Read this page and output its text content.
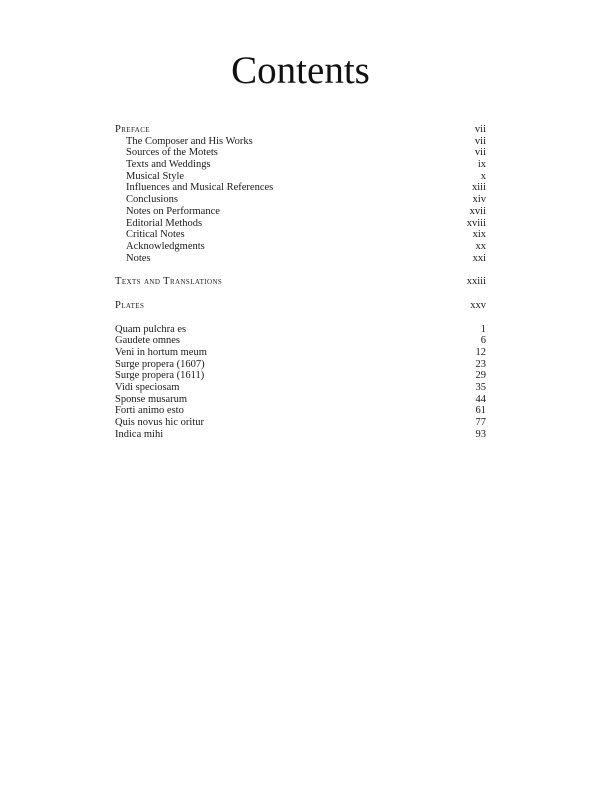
Contents
Preface	vii
The Composer and His Works	vii
Sources of the Motets	vii
Texts and Weddings	ix
Musical Style	x
Influences and Musical References	xiii
Conclusions	xiv
Notes on Performance	xvii
Editorial Methods	xviii
Critical Notes	xix
Acknowledgments	xx
Notes	xxi
Texts and Translations	xxiii
Plates	xxv
Quam pulchra es	1
Gaudete omnes	6
Veni in hortum meum	12
Surge propera (1607)	23
Surge propera (1611)	29
Vidi speciosam	35
Sponse musarum	44
Forti animo esto	61
Quis novus hic oritur	77
Indica mihi	93
